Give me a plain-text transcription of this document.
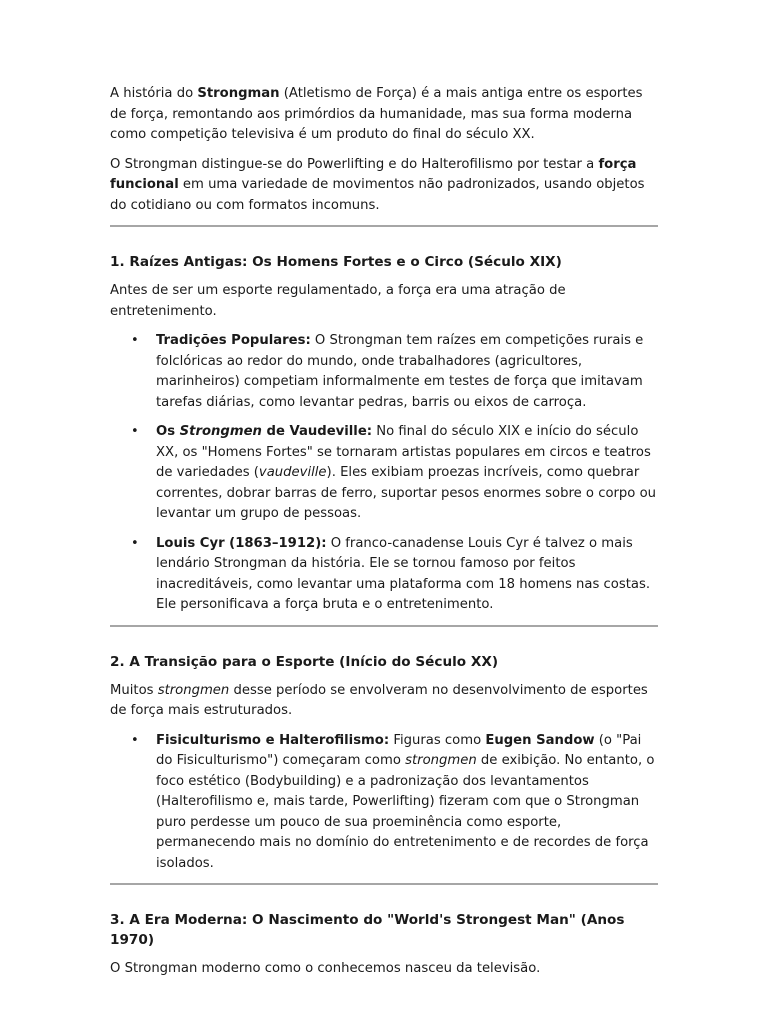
A história do Strongman (Atletismo de Força) é a mais antiga entre os esportes de força, remontando aos primórdios da humanidade, mas sua forma moderna como competição televisiva é um produto do final do século XX.

O Strongman distingue-se do Powerlifting e do Halterofilismo por testar a força funcional em uma variedade de movimentos não padronizados, usando objetos do cotidiano ou com formatos incomuns.

1. Raízes Antigas: Os Homens Fortes e o Circo (Século XIX)

Antes de ser um esporte regulamentado, a força era uma atração de entretenimento.

• Tradições Populares: O Strongman tem raízes em competições rurais e folclóricas ao redor do mundo, onde trabalhadores (agricultores, marinheiros) competiam informalmente em testes de força que imitavam tarefas diárias, como levantar pedras, barris ou eixos de carroça.
• Os Strongmen de Vaudeville: No final do século XIX e início do século XX, os "Homens Fortes" se tornaram artistas populares em circos e teatros de variedades (vaudeville). Eles exibiam proezas incríveis, como quebrar correntes, dobrar barras de ferro, suportar pesos enormes sobre o corpo ou levantar um grupo de pessoas.
• Louis Cyr (1863–1912): O franco-canadense Louis Cyr é talvez o mais lendário Strongman da história. Ele se tornou famoso por feitos inacreditáveis, como levantar uma plataforma com 18 homens nas costas. Ele personificava a força bruta e o entretenimento.
2. A Transição para o Esporte (Início do Século XX)

Muitos strongmen desse período se envolveram no desenvolvimento de esportes de força mais estruturados.

• Fisiculturismo e Halterofilismo: Figuras como Eugen Sandow (o "Pai do Fisiculturismo") começaram como strongmen de exibição. No entanto, o foco estético (Bodybuilding) e a padronização dos levantamentos (Halterofilismo e, mais tarde, Powerlifting) fizeram com que o Strongman puro perdesse um pouco de sua proeminência como esporte, permanecendo mais no domínio do entretenimento e de recordes de força isolados.
3. A Era Moderna: O Nascimento do "World's Strongest Man" (Anos 1970)

O Strongman moderno como o conhecemos nasceu da televisão.
